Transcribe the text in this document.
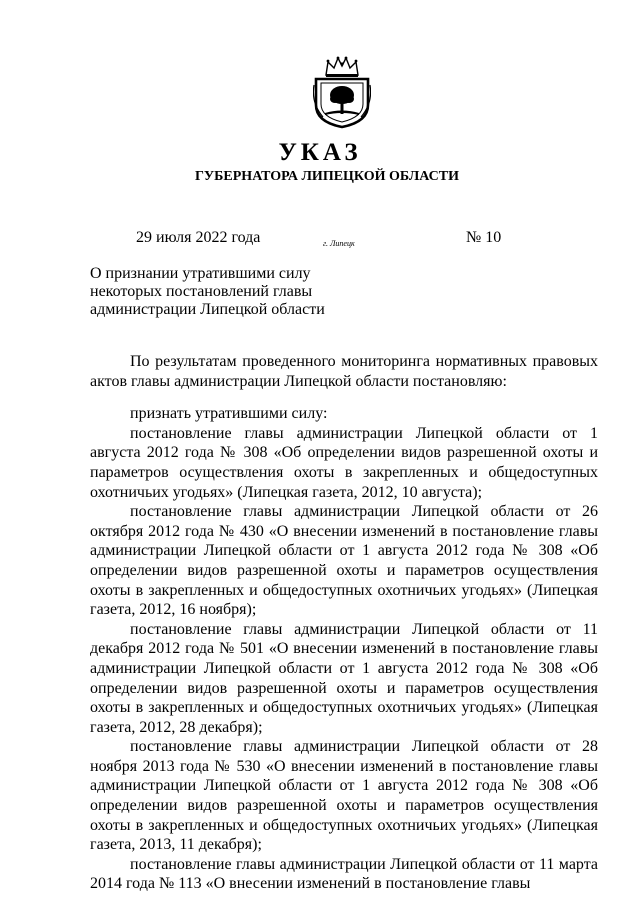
УКАЗ
ГУБЕРНАТОРА ЛИПЕЦКОЙ ОБЛАСТИ
29 июля 2022 года	г. Липецк	№ 10
О признании утратившими силу
некоторых постановлений главы
администрации Липецкой области

По результатам проведенного мониторинга нормативных правовых актов главы администрации Липецкой области постановляю:

признать утратившими силу:

постановление главы администрации Липецкой области от 1 августа 2012 года № 308 «Об определении видов разрешенной охоты и параметров осуществления охоты в закрепленных и общедоступных охотничьих угодьях» (Липецкая газета, 2012, 10 августа);

постановление главы администрации Липецкой области от 26 октября 2012 года № 430 «О внесении изменений в постановление главы администрации Липецкой области от 1 августа 2012 года № 308 «Об определении видов разрешенной охоты и параметров осуществления охоты в закрепленных и общедоступных охотничьих угодьях» (Липецкая газета, 2012, 16 ноября);

постановление главы администрации Липецкой области от 11 декабря 2012 года № 501 «О внесении изменений в постановление главы администрации Липецкой области от 1 августа 2012 года № 308 «Об определении видов разрешенной охоты и параметров осуществления охоты в закрепленных и общедоступных охотничьих угодьях» (Липецкая газета, 2012, 28 декабря);

постановление главы администрации Липецкой области от 28 ноября 2013 года № 530 «О внесении изменений в постановление главы администрации Липецкой области от 1 августа 2012 года № 308 «Об определении видов разрешенной охоты и параметров осуществления охоты в закрепленных и общедоступных охотничьих угодьях» (Липецкая газета, 2013, 11 декабря);

постановление главы администрации Липецкой области от 11 марта 2014 года № 113 «О внесении изменений в постановление главы
